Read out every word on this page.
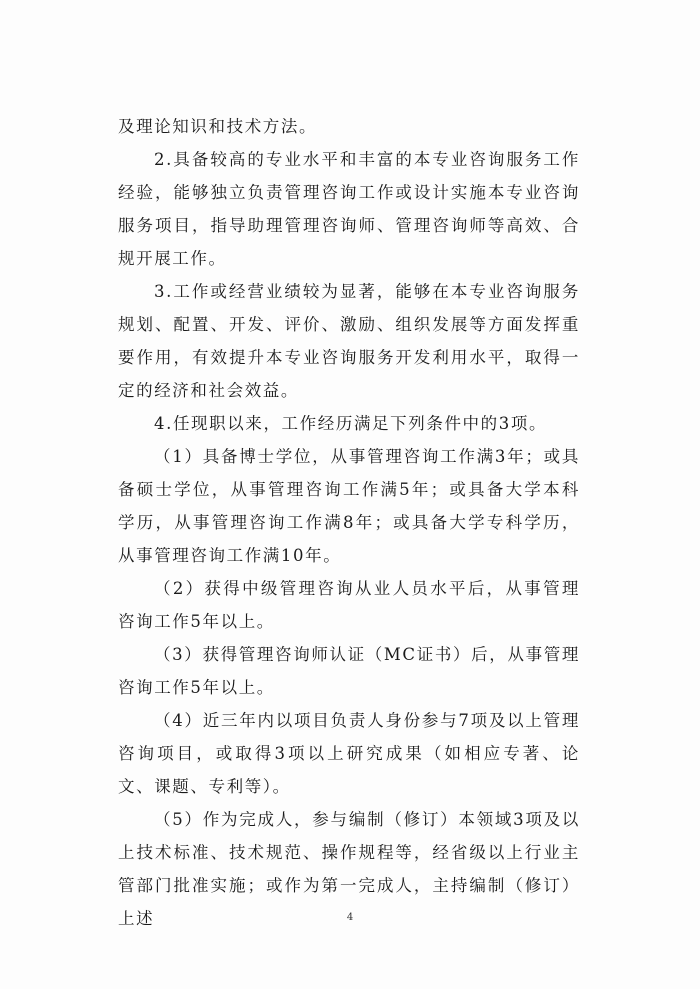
及理论知识和技术方法。

2.具备较高的专业水平和丰富的本专业咨询服务工作经验，能够独立负责管理咨询工作或设计实施本专业咨询服务项目，指导助理管理咨询师、管理咨询师等高效、合规开展工作。

3.工作或经营业绩较为显著，能够在本专业咨询服务规划、配置、开发、评价、激励、组织发展等方面发挥重要作用，有效提升本专业咨询服务开发利用水平，取得一定的经济和社会效益。

4.任现职以来，工作经历满足下列条件中的3项。

（1）具备博士学位，从事管理咨询工作满3年；或具备硕士学位，从事管理咨询工作满5年；或具备大学本科学历，从事管理咨询工作满8年；或具备大学专科学历，从事管理咨询工作满10年。

（2）获得中级管理咨询从业人员水平后，从事管理咨询工作5年以上。

（3）获得管理咨询师认证（MC证书）后，从事管理咨询工作5年以上。

（4）近三年内以项目负责人身份参与7项及以上管理咨询项目，或取得3项以上研究成果（如相应专著、论文、课题、专利等）。

（5）作为完成人，参与编制（修订）本领域3项及以上技术标准、技术规范、操作规程等，经省级以上行业主管部门批准实施；或作为第一完成人，主持编制（修订）上述	4
